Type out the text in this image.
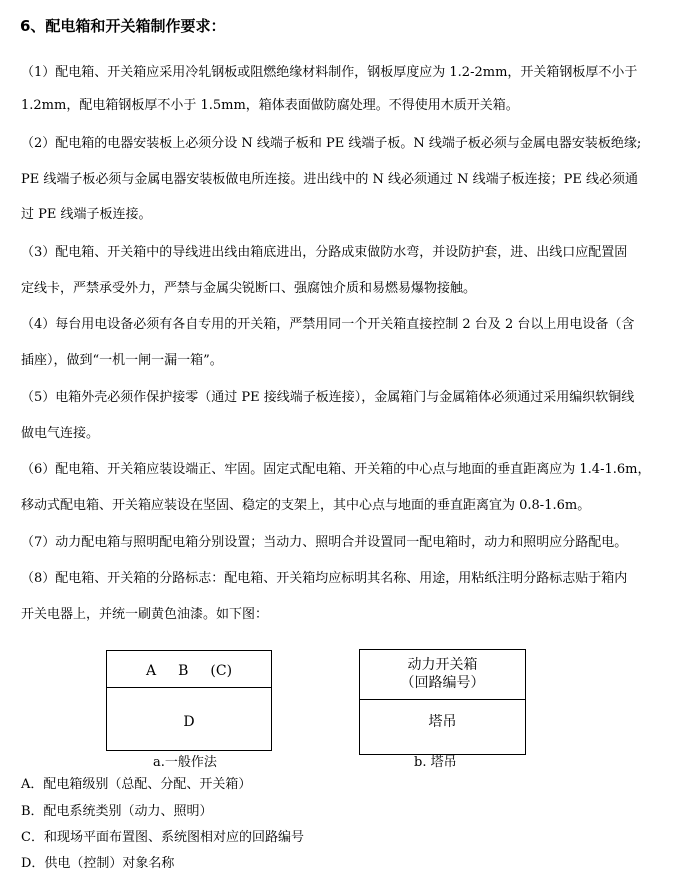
6、配电箱和开关箱制作要求：
（1）配电箱、开关箱应采用冷轧钢板或阻燃绝缘材料制作，钢板厚度应为 1.2-2mm，开关箱钢板厚不小于
1.2mm，配电箱钢板厚不小于 1.5mm，箱体表面做防腐处理。不得使用木质开关箱。
（2）配电箱的电器安装板上必须分设 N 线端子板和 PE 线端子板。N 线端子板必须与金属电器安装板绝缘;
PE 线端子板必须与金属电器安装板做电所连接。进出线中的 N 线必须通过 N 线端子板连接；PE 线必须通
过 PE 线端子板连接。
（3）配电箱、开关箱中的导线进出线由箱底进出，分路成束做防水弯，并设防护套，进、出线口应配置固
定线卡，严禁承受外力，严禁与金属尖锐断口、强腐蚀介质和易燃易爆物接触。
（4）每台用电设备必须有各自专用的开关箱，严禁用同一个开关箱直接控制 2 台及 2 台以上用电设备（含
插座），做到“一机一闸一漏一箱”。
（5）电箱外壳必须作保护接零（通过 PE 接线端子板连接），金属箱门与金属箱体必须通过采用编织软铜线
做电气连接。
（6）配电箱、开关箱应装设端正、牢固。固定式配电箱、开关箱的中心点与地面的垂直距离应为 1.4-1.6m，
移动式配电箱、开关箱应装设在坚固、稳定的支架上，其中心点与地面的垂直距离宜为 0.8-1.6m。
（7）动力配电箱与照明配电箱分别设置；当动力、照明合并设置同一配电箱时，动力和照明应分路配电。
（8）配电箱、开关箱的分路标志：配电箱、开关箱均应标明其名称、用途，用粘纸注明分路标志贴于箱内
开关电器上，并统一刷黄色油漆。如下图：
A B (C)
D
a.一般作法
动力开关箱
（回路编号）
塔吊
b. 塔吊
A．配电箱级别（总配、分配、开关箱）
B．配电系统类别（动力、照明）
C．和现场平面布置图、系统图相对应的回路编号
D．供电（控制）对象名称
